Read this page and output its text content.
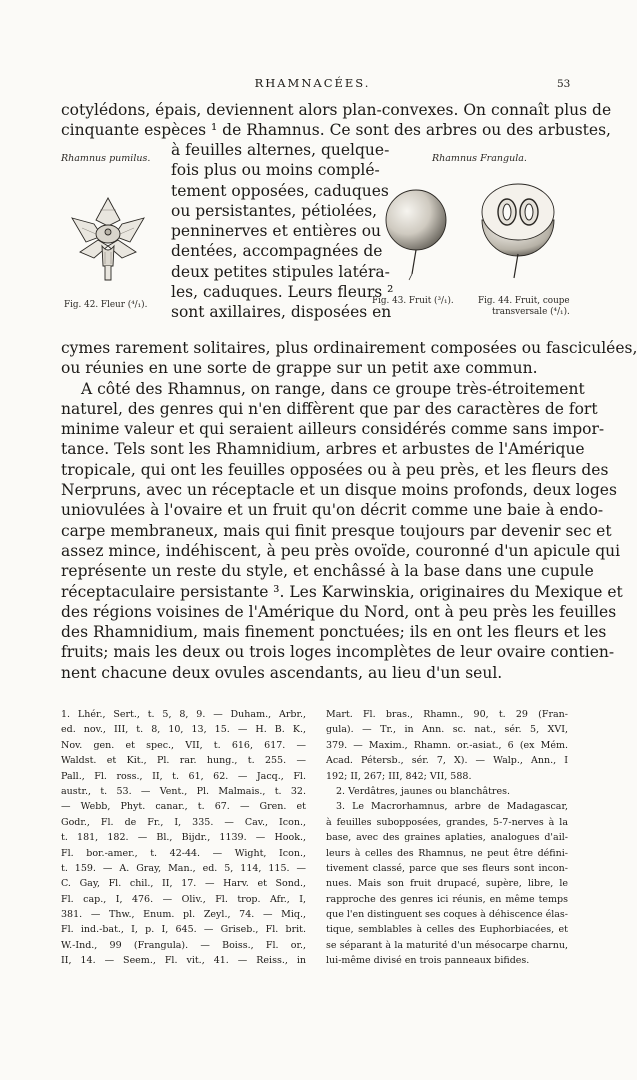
RHAMNACÉES.	53
cotylédons, épais, deviennent alors plan-convexes. On connaît plus de
cinquante espèces ¹ de Rhamnus. Ce sont des arbres ou des arbustes,
à feuilles alternes, quelque-
fois plus ou moins complé-
tement opposées, caduques
ou persistantes, pétiolées,
penninerves et entières ou
dentées, accompagnées de
deux petites stipules latéra-
les, caduques. Leurs fleurs ²
sont axillaires, disposées en
Rhamnus pumilus.
Fig. 42. Fleur (⁴/₁).
Rhamnus Frangula.
Fig. 43. Fruit (³/₁).	Fig. 44. Fruit, coupe
transversale (⁴/₁).
cymes rarement solitaires, plus ordinairement composées ou fasciculées,
ou réunies en une sorte de grappe sur un petit axe commun.
A côté des Rhamnus, on range, dans ce groupe très-étroitement
naturel, des genres qui n'en diffèrent que par des caractères de fort
minime valeur et qui seraient ailleurs considérés comme sans impor-
tance. Tels sont les Rhamnidium, arbres et arbustes de l'Amérique
tropicale, qui ont les feuilles opposées ou à peu près, et les fleurs des
Nerpruns, avec un réceptacle et un disque moins profonds, deux loges
uniovulées à l'ovaire et un fruit qu'on décrit comme une baie à endo-
carpe membraneux, mais qui finit presque toujours par devenir sec et
assez mince, indéhiscent, à peu près ovoïde, couronné d'un apicule qui
représente un reste du style, et enchâssé à la base dans une cupule
réceptaculaire persistante ³. Les Karwinskia, originaires du Mexique et
des régions voisines de l'Amérique du Nord, ont à peu près les feuilles
des Rhamnidium, mais finement ponctuées; ils en ont les fleurs et les
fruits; mais les deux ou trois loges incomplètes de leur ovaire contien-
nent chacune deux ovules ascendants, au lieu d'un seul.
1. Lhér., Sert., t. 5, 8, 9. — Duham., Arbr.,
ed. nov., III, t. 8, 10, 13, 15. — H. B. K.,
Nov. gen. et spec., VII, t. 616, 617. —
Waldst. et Kit., Pl. rar. hung., t. 255. —
Pall., Fl. ross., II, t. 61, 62. — Jacq., Fl.
austr., t. 53. — Vent., Pl. Malmais., t. 32.
— Webb, Phyt. canar., t. 67. — Gren. et
Godr., Fl. de Fr., I, 335. — Cav., Icon.,
t. 181, 182. — Bl., Bijdr., 1139. — Hook.,
Fl. bor.-amer., t. 42-44. — Wight, Icon.,
t. 159. — A. Gray, Man., ed. 5, 114, 115. —
C. Gay, Fl. chil., II, 17. — Harv. et Sond.,
Fl. cap., I, 476. — Oliv., Fl. trop. Afr., I,
381. — Thw., Enum. pl. Zeyl., 74. — Miq.,
Fl. ind.-bat., I, p. I, 645. — Griseb., Fl. brit.
W.-Ind., 99 (Frangula). — Boiss., Fl. or.,
II, 14. — Seem., Fl. vit., 41. — Reiss., in
Mart. Fl. bras., Rhamn., 90, t. 29 (Fran-
gula). — Tr., in Ann. sc. nat., sér. 5, XVI,
379. — Maxim., Rhamn. or.-asiat., 6 (ex Mém.
Acad. Pétersb., sér. 7, X). — Walp., Ann., I
192; II, 267; III, 842; VII, 588.
2. Verdâtres, jaunes ou blanchâtres.
3. Le Macrorhamnus, arbre de Madagascar,
à feuilles subopposées, grandes, 5-7-nerves à la
base, avec des graines aplaties, analogues d'ail-
leurs à celles des Rhamnus, ne peut être défini-
tivement classé, parce que ses fleurs sont incon-
nues. Mais son fruit drupacé, supère, libre, le
rapproche des genres ici réunis, en même temps
que l'en distinguent ses coques à déhiscence élas-
tique, semblables à celles des Euphorbiacées, et
se séparant à la maturité d'un mésocarpe charnu,
lui-même divisé en trois panneaux bifides.
